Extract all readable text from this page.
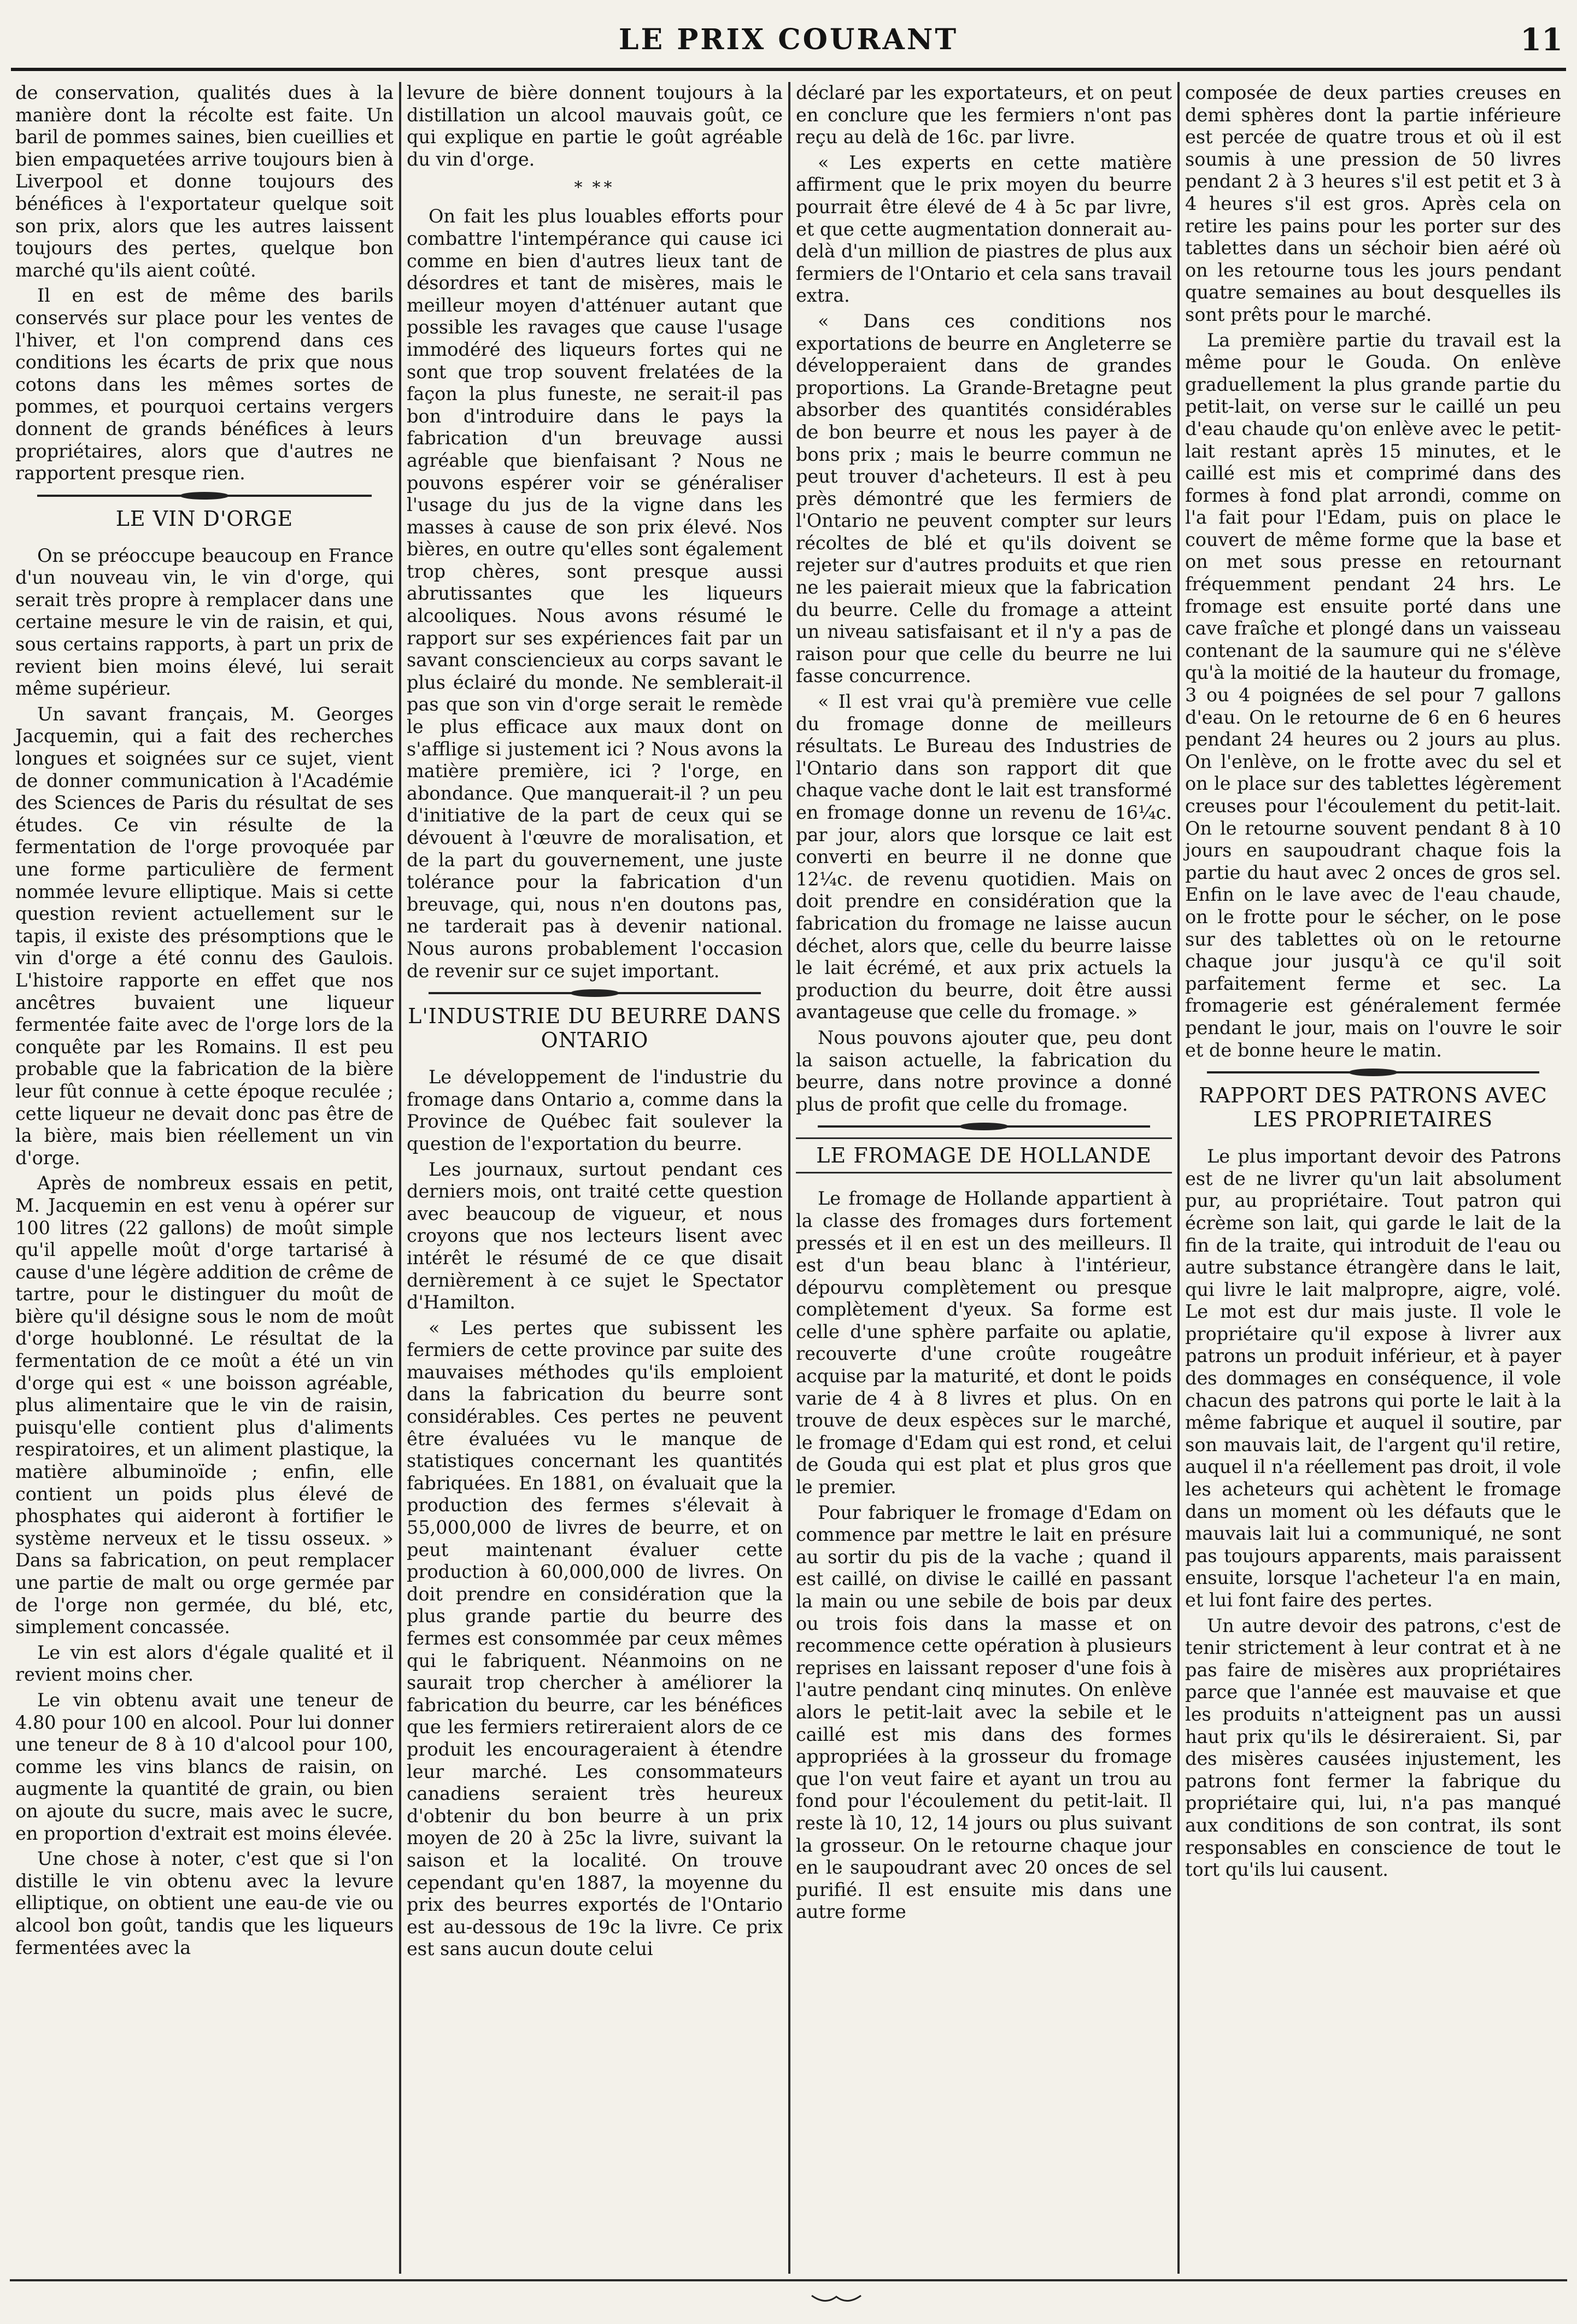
LE PRIX COURANT	11

de conservation, qualités dues à la manière dont la récolte est faite. Un baril de pommes saines, bien cueillies et bien empaquetées arrive toujours bien à Liverpool et donne toujours des bénéfices à l'exportateur quelque soit son prix, alors que les autres laissent toujours des pertes, quelque bon marché qu'ils aient coûté.

Il en est de même des barils conservés sur place pour les ventes de l'hiver, et l'on comprend dans ces conditions les écarts de prix que nous cotons dans les mêmes sortes de pommes, et pourquoi certains vergers donnent de grands bénéfices à leurs propriétaires, alors que d'autres ne rapportent presque rien.

LE VIN D'ORGE

On se préoccupe beaucoup en France d'un nouveau vin, le vin d'orge, qui serait très propre à remplacer dans une certaine mesure le vin de raisin, et qui, sous certains rapports, à part un prix de revient bien moins élevé, lui serait même supérieur.

Un savant français, M. Georges Jacquemin, qui a fait des recherches longues et soignées sur ce sujet, vient de donner communication à l'Académie des Sciences de Paris du résultat de ses études. Ce vin résulte de la fermentation de l'orge provoquée par une forme particulière de ferment nommée levure elliptique. Mais si cette question revient actuellement sur le tapis, il existe des présomptions que le vin d'orge a été connu des Gaulois. L'histoire rapporte en effet que nos ancêtres buvaient une liqueur fermentée faite avec de l'orge lors de la conquête par les Romains. Il est peu probable que la fabrication de la bière leur fût connue à cette époque reculée ; cette liqueur ne devait donc pas être de la bière, mais bien réellement un vin d'orge.

Après de nombreux essais en petit, M. Jacquemin en est venu à opérer sur 100 litres (22 gallons) de moût simple qu'il appelle moût d'orge tartarisé à cause d'une légère addition de crême de tartre, pour le distinguer du moût de bière qu'il désigne sous le nom de moût d'orge houblonné. Le résultat de la fermentation de ce moût a été un vin d'orge qui est « une boisson agréable, plus alimentaire que le vin de raisin, puisqu'elle contient plus d'aliments respiratoires, et un aliment plastique, la matière albuminoïde ; enfin, elle contient un poids plus élevé de phosphates qui aideront à fortifier le système nerveux et le tissu osseux. » Dans sa fabrication, on peut remplacer une partie de malt ou orge germée par de l'orge non germée, du blé, etc, simplement concassée.

Le vin est alors d'égale qualité et il revient moins cher.

Le vin obtenu avait une teneur de 4.80 pour 100 en alcool. Pour lui donner une teneur de 8 à 10 d'alcool pour 100, comme les vins blancs de raisin, on augmente la quantité de grain, ou bien on ajoute du sucre, mais avec le sucre, en proportion d'extrait est moins élevée.

Une chose à noter, c'est que si l'on distille le vin obtenu avec la levure elliptique, on obtient une eau-de vie ou alcool bon goût, tandis que les liqueurs fermentées avec la

levure de bière donnent toujours à la distillation un alcool mauvais goût, ce qui explique en partie le goût agréable du vin d'orge.

* **

On fait les plus louables efforts pour combattre l'intempérance qui cause ici comme en bien d'autres lieux tant de désordres et tant de misères, mais le meilleur moyen d'atténuer autant que possible les ravages que cause l'usage immodéré des liqueurs fortes qui ne sont que trop souvent frelatées de la façon la plus funeste, ne serait-il pas bon d'introduire dans le pays la fabrication d'un breuvage aussi agréable que bienfaisant ? Nous ne pouvons espérer voir se généraliser l'usage du jus de la vigne dans les masses à cause de son prix élevé. Nos bières, en outre qu'elles sont également trop chères, sont presque aussi abrutissantes que les liqueurs alcooliques. Nous avons résumé le rapport sur ses expériences fait par un savant consciencieux au corps savant le plus éclairé du monde. Ne semblerait-il pas que son vin d'orge serait le remède le plus efficace aux maux dont on s'afflige si justement ici ? Nous avons la matière première, ici ? l'orge, en abondance. Que manquerait-il ? un peu d'initiative de la part de ceux qui se dévouent à l'œuvre de moralisation, et de la part du gouvernement, une juste tolérance pour la fabrication d'un breuvage, qui, nous n'en doutons pas, ne tarderait pas à devenir national. Nous aurons probablement l'occasion de revenir sur ce sujet important.

L'INDUSTRIE DU BEURRE DANS ONTARIO

Le développement de l'industrie du fromage dans Ontario a, comme dans la Province de Québec fait soulever la question de l'exportation du beurre.

Les journaux, surtout pendant ces derniers mois, ont traité cette question avec beaucoup de vigueur, et nous croyons que nos lecteurs lisent avec intérêt le résumé de ce que disait dernièrement à ce sujet le Spectator d'Hamilton.

« Les pertes que subissent les fermiers de cette province par suite des mauvaises méthodes qu'ils emploient dans la fabrication du beurre sont considérables. Ces pertes ne peuvent être évaluées vu le manque de statistiques concernant les quantités fabriquées. En 1881, on évaluait que la production des fermes s'élevait à 55,000,000 de livres de beurre, et on peut maintenant évaluer cette production à 60,000,000 de livres. On doit prendre en considération que la plus grande partie du beurre des fermes est consommée par ceux mêmes qui le fabriquent. Néanmoins on ne saurait trop chercher à améliorer la fabrication du beurre, car les bénéfices que les fermiers retireraient alors de ce produit les encourageraient à étendre leur marché. Les consommateurs canadiens seraient très heureux d'obtenir du bon beurre à un prix moyen de 20 à 25c la livre, suivant la saison et la localité. On trouve cependant qu'en 1887, la moyenne du prix des beurres exportés de l'Ontario est au-dessous de 19c la livre. Ce prix est sans aucun doute celui

déclaré par les exportateurs, et on peut en conclure que les fermiers n'ont pas reçu au delà de 16c. par livre.

« Les experts en cette matière affirment que le prix moyen du beurre pourrait être élevé de 4 à 5c par livre, et que cette augmentation donnerait au-delà d'un million de piastres de plus aux fermiers de l'Ontario et cela sans travail extra.

« Dans ces conditions nos exportations de beurre en Angleterre se développeraient dans de grandes proportions. La Grande-Bretagne peut absorber des quantités considérables de bon beurre et nous les payer à de bons prix ; mais le beurre commun ne peut trouver d'acheteurs. Il est à peu près démontré que les fermiers de l'Ontario ne peuvent compter sur leurs récoltes de blé et qu'ils doivent se rejeter sur d'autres produits et que rien ne les paierait mieux que la fabrication du beurre. Celle du fromage a atteint un niveau satisfaisant et il n'y a pas de raison pour que celle du beurre ne lui fasse concurrence.

« Il est vrai qu'à première vue celle du fromage donne de meilleurs résultats. Le Bureau des Industries de l'Ontario dans son rapport dit que chaque vache dont le lait est transformé en fromage donne un revenu de 16¼c. par jour, alors que lorsque ce lait est converti en beurre il ne donne que 12¼c. de revenu quotidien. Mais on doit prendre en considération que la fabrication du fromage ne laisse aucun déchet, alors que, celle du beurre laisse le lait écrémé, et aux prix actuels la production du beurre, doit être aussi avantageuse que celle du fromage. »

Nous pouvons ajouter que, peu dont la saison actuelle, la fabrication du beurre, dans notre province a donné plus de profit que celle du fromage.

LE FROMAGE DE HOLLANDE

Le fromage de Hollande appartient à la classe des fromages durs fortement pressés et il en est un des meilleurs. Il est d'un beau blanc à l'intérieur, dépourvu complètement ou presque complètement d'yeux. Sa forme est celle d'une sphère parfaite ou aplatie, recouverte d'une croûte rougeâtre acquise par la maturité, et dont le poids varie de 4 à 8 livres et plus. On en trouve de deux espèces sur le marché, le fromage d'Edam qui est rond, et celui de Gouda qui est plat et plus gros que le premier.

Pour fabriquer le fromage d'Edam on commence par mettre le lait en présure au sortir du pis de la vache ; quand il est caillé, on divise le caillé en passant la main ou une sebile de bois par deux ou trois fois dans la masse et on recommence cette opération à plusieurs reprises en laissant reposer d'une fois à l'autre pendant cinq minutes. On enlève alors le petit-lait avec la sebile et le caillé est mis dans des formes appropriées à la grosseur du fromage que l'on veut faire et ayant un trou au fond pour l'écoulement du petit-lait. Il reste là 10, 12, 14 jours ou plus suivant la grosseur. On le retourne chaque jour en le saupoudrant avec 20 onces de sel purifié. Il est ensuite mis dans une autre forme

composée de deux parties creuses en demi sphères dont la partie inférieure est percée de quatre trous et où il est soumis à une pression de 50 livres pendant 2 à 3 heures s'il est petit et 3 à 4 heures s'il est gros. Après cela on retire les pains pour les porter sur des tablettes dans un séchoir bien aéré où on les retourne tous les jours pendant quatre semaines au bout desquelles ils sont prêts pour le marché.

La première partie du travail est la même pour le Gouda. On enlève graduellement la plus grande partie du petit-lait, on verse sur le caillé un peu d'eau chaude qu'on enlève avec le petit-lait restant après 15 minutes, et le caillé est mis et comprimé dans des formes à fond plat arrondi, comme on l'a fait pour l'Edam, puis on place le couvert de même forme que la base et on met sous presse en retournant fréquemment pendant 24 hrs. Le fromage est ensuite porté dans une cave fraîche et plongé dans un vaisseau contenant de la saumure qui ne s'élève qu'à la moitié de la hauteur du fromage, 3 ou 4 poignées de sel pour 7 gallons d'eau. On le retourne de 6 en 6 heures pendant 24 heures ou 2 jours au plus. On l'enlève, on le frotte avec du sel et on le place sur des tablettes légèrement creuses pour l'écoulement du petit-lait. On le retourne souvent pendant 8 à 10 jours en saupoudrant chaque fois la partie du haut avec 2 onces de gros sel. Enfin on le lave avec de l'eau chaude, on le frotte pour le sécher, on le pose sur des tablettes où on le retourne chaque jour jusqu'à ce qu'il soit parfaitement ferme et sec. La fromagerie est généralement fermée pendant le jour, mais on l'ouvre le soir et de bonne heure le matin.

RAPPORT DES PATRONS AVEC LES PROPRIETAIRES

Le plus important devoir des Patrons est de ne livrer qu'un lait absolument pur, au propriétaire. Tout patron qui écrème son lait, qui garde le lait de la fin de la traite, qui introduit de l'eau ou autre substance étrangère dans le lait, qui livre le lait malpropre, aigre, volé. Le mot est dur mais juste. Il vole le propriétaire qu'il expose à livrer aux patrons un produit inférieur, et à payer des dommages en conséquence, il vole chacun des patrons qui porte le lait à la même fabrique et auquel il soutire, par son mauvais lait, de l'argent qu'il retire, auquel il n'a réellement pas droit, il vole les acheteurs qui achètent le fromage dans un moment où les défauts que le mauvais lait lui a communiqué, ne sont pas toujours apparents, mais paraissent ensuite, lorsque l'acheteur l'a en main, et lui font faire des pertes.

Un autre devoir des patrons, c'est de tenir strictement à leur contrat et à ne pas faire de misères aux propriétaires parce que l'année est mauvaise et que les produits n'atteignent pas un aussi haut prix qu'ils le désireraient. Si, par des misères causées injustement, les patrons font fermer la fabrique du propriétaire qui, lui, n'a pas manqué aux conditions de son contrat, ils sont responsables en conscience de tout le tort qu'ils lui causent.
